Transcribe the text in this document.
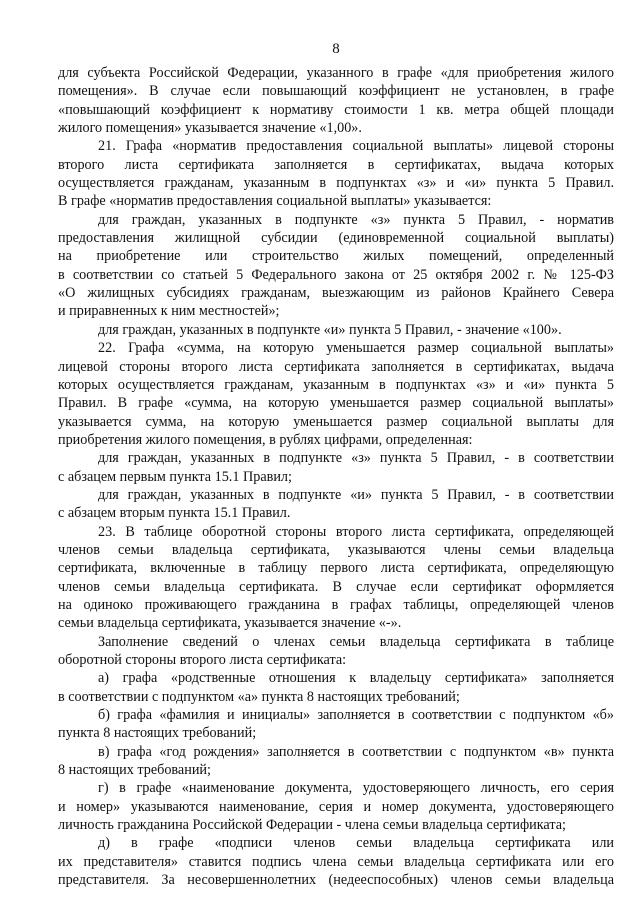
8
для субъекта Российской Федерации, указанного в графе «для приобретения жилого
помещения». В случае если повышающий коэффициент не установлен, в графе
«повышающий коэффициент к нормативу стоимости 1 кв. метра общей площади
жилого помещения» указывается значение «1,00».
21. Графа «норматив предоставления социальной выплаты» лицевой стороны
второго листа сертификата заполняется в сертификатах, выдача которых
осуществляется гражданам, указанным в подпунктах «з» и «и» пункта 5 Правил.
В графе «норматив предоставления социальной выплаты» указывается:
для граждан, указанных в подпункте «з» пункта 5 Правил, - норматив
предоставления жилищной субсидии (единовременной социальной выплаты)
на приобретение или строительство жилых помещений, определенный
в соответствии со статьей 5 Федерального закона от 25 октября 2002 г. № 125-ФЗ
«О жилищных субсидиях гражданам, выезжающим из районов Крайнего Севера
и приравненных к ним местностей»;
для граждан, указанных в подпункте «и» пункта 5 Правил, - значение «100».
22. Графа «сумма, на которую уменьшается размер социальной выплаты»
лицевой стороны второго листа сертификата заполняется в сертификатах, выдача
которых осуществляется гражданам, указанным в подпунктах «з» и «и» пункта 5
Правил. В графе «сумма, на которую уменьшается размер социальной выплаты»
указывается сумма, на которую уменьшается размер социальной выплаты для
приобретения жилого помещения, в рублях цифрами, определенная:
для граждан, указанных в подпункте «з» пункта 5 Правил, - в соответствии
с абзацем первым пункта 15.1 Правил;
для граждан, указанных в подпункте «и» пункта 5 Правил, - в соответствии
с абзацем вторым пункта 15.1 Правил.
23. В таблице оборотной стороны второго листа сертификата, определяющей
членов семьи владельца сертификата, указываются члены семьи владельца
сертификата, включенные в таблицу первого листа сертификата, определяющую
членов семьи владельца сертификата. В случае если сертификат оформляется
на одиноко проживающего гражданина в графах таблицы, определяющей членов
семьи владельца сертификата, указывается значение «-».
Заполнение сведений о членах семьи владельца сертификата в таблице
оборотной стороны второго листа сертификата:
а) графа «родственные отношения к владельцу сертификата» заполняется
в соответствии с подпунктом «а» пункта 8 настоящих требований;
б) графа «фамилия и инициалы» заполняется в соответствии с подпунктом «б»
пункта 8 настоящих требований;
в) графа «год рождения» заполняется в соответствии с подпунктом «в» пункта
8 настоящих требований;
г) в графе «наименование документа, удостоверяющего личность, его серия
и номер» указываются наименование, серия и номер документа, удостоверяющего
личность гражданина Российской Федерации - члена семьи владельца сертификата;
д) в графе «подписи членов семьи владельца сертификата или
их представителя» ставится подпись члена семьи владельца сертификата или его
представителя. За несовершеннолетних (недееспособных) членов семьи владельца
